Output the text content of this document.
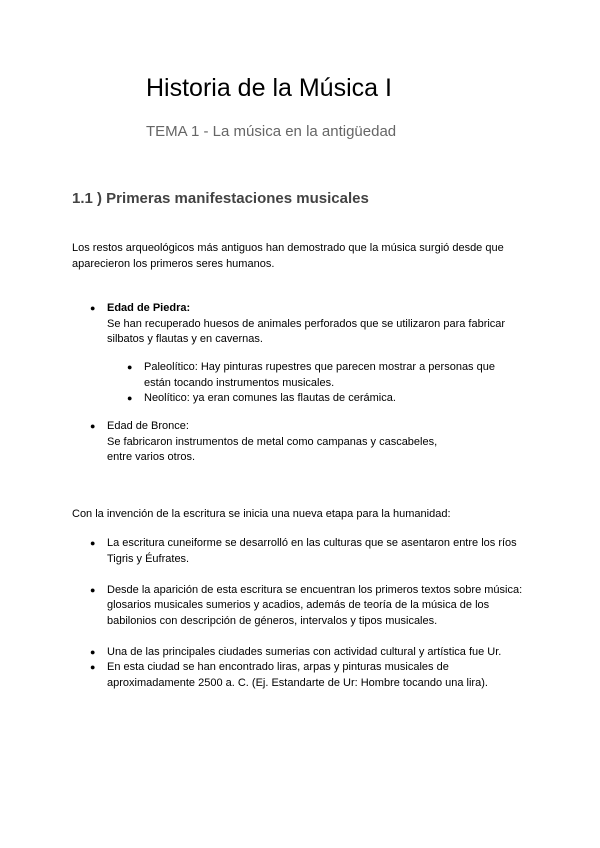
Historia de la Música I

TEMA 1 - La música en la antigüedad

1.1 ) Primeras manifestaciones musicales

Los restos arqueológicos más antiguos han demostrado que la música surgió desde que
aparecieron los primeros seres humanos.

● Edad de Piedra:
Se han recuperado huesos de animales perforados que se utilizaron para fabricar
silbatos y flautas y en cavernas.
● Paleolítico: Hay pinturas rupestres que parecen mostrar a personas que
están tocando instrumentos musicales.
● Neolítico: ya eran comunes las flautas de cerámica.
● Edad de Bronce:
Se fabricaron instrumentos de metal como campanas y cascabeles,
entre varios otros.

Con la invención de la escritura se inicia una nueva etapa para la humanidad:

● La escritura cuneiforme se desarrolló en las culturas que se asentaron entre los ríos
Tigris y Éufrates.
● Desde la aparición de esta escritura se encuentran los primeros textos sobre música:
glosarios musicales sumerios y acadios, además de teoría de la música de los
babilonios con descripción de géneros, intervalos y tipos musicales.
● Una de las principales ciudades sumerias con actividad cultural y artística fue Ur.
● En esta ciudad se han encontrado liras, arpas y pinturas musicales de
aproximadamente 2500 a. C. (Ej. Estandarte de Ur: Hombre tocando una lira).
